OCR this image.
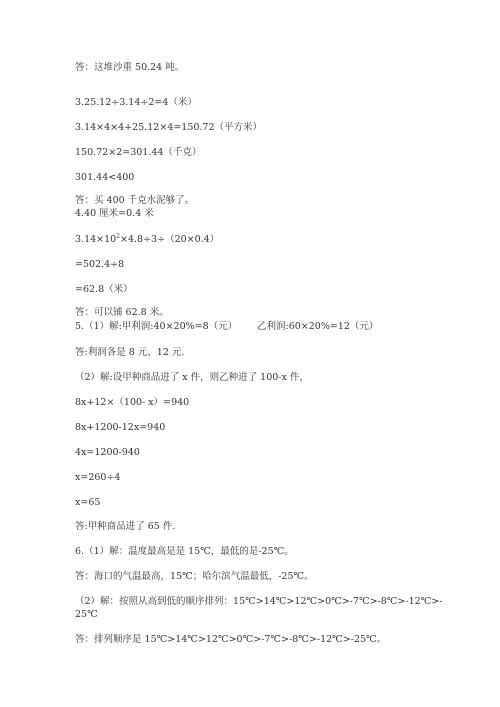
答：这堆沙重 50.24 吨。
3.25.12÷3.14÷2=4（米）
3.14×4×4+25.12×4=150.72（平方米）
150.72×2=301.44（千克）
301.44<400
答：买 400 千克水泥够了。
4.40 厘米=0.4 米
$3.14\times 10^2\times 4.8\div 3\div(20\times 0.4)$
=502.4÷8
=62.8（米）
答：可以铺 62.8 米。
5.（1）解:甲利润:40×20%=8（元） 乙利润:60×20%=12（元）
答:利润各是 8 元、12 元.
（2）解:设甲种商品进了 x 件，则乙种进了 100-x 件，
8x+12×（100- x）=940
8x+1200-12x=940
4x=1200-940
x=260÷4
x=65
答:甲种商品进了 65 件.
6.（1）解：温度最高是是 15℃，最低的是-25℃。
答：海口的气温最高，15℃；哈尔滨气温最低，-25℃。
（2）解：按照从高到低的顺序排列：15℃>14℃>12℃>0℃>-7℃>-8℃>-12℃>-
25℃
答：排列顺序是 15℃>14℃>12℃>0℃>-7℃>-8℃>-12℃>-25℃。
